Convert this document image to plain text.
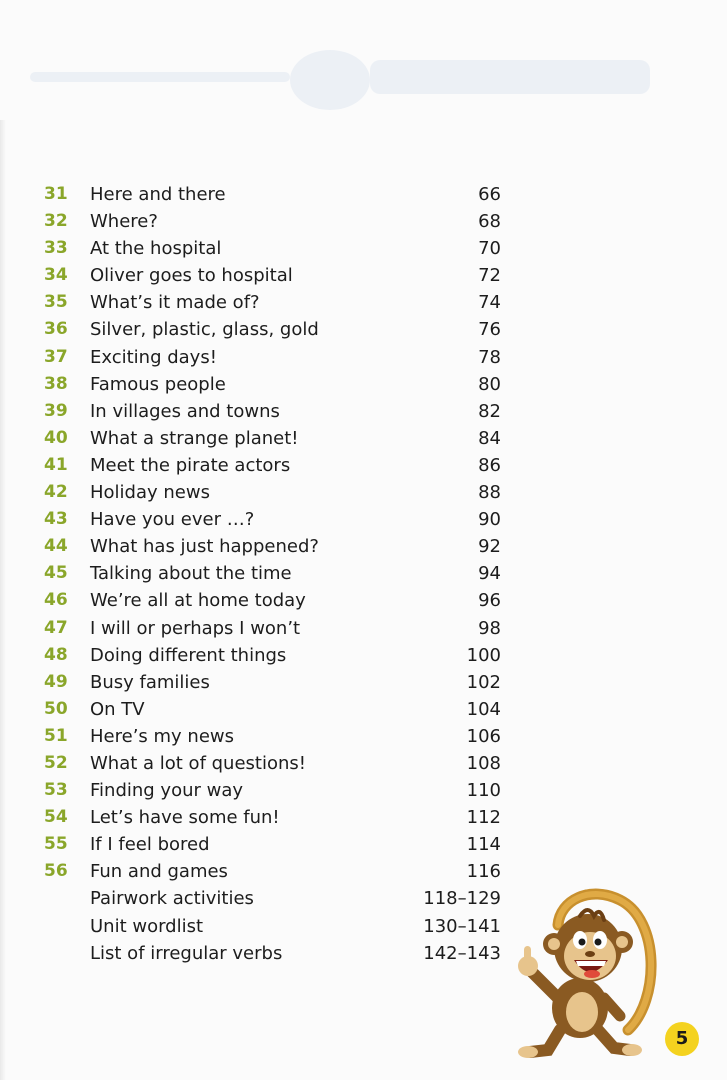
31	Here and there	66
32	Where?	68
33	At the hospital	70
34	Oliver goes to hospital	72
35	What’s it made of?	74
36	Silver, plastic, glass, gold	76
37	Exciting days!	78
38	Famous people	80
39	In villages and towns	82
40	What a strange planet!	84
41	Meet the pirate actors	86
42	Holiday news	88
43	Have you ever …?	90
44	What has just happened?	92
45	Talking about the time	94
46	We’re all at home today	96
47	I will or perhaps I won’t	98
48	Doing different things	100
49	Busy families	102
50	On TV	104
51	Here’s my news	106
52	What a lot of questions!	108
53	Finding your way	110
54	Let’s have some fun!	112
55	If I feel bored	114
56	Fun and games	116
Pairwork activities	118–129
Unit wordlist	130–141
List of irregular verbs	142–143
5
